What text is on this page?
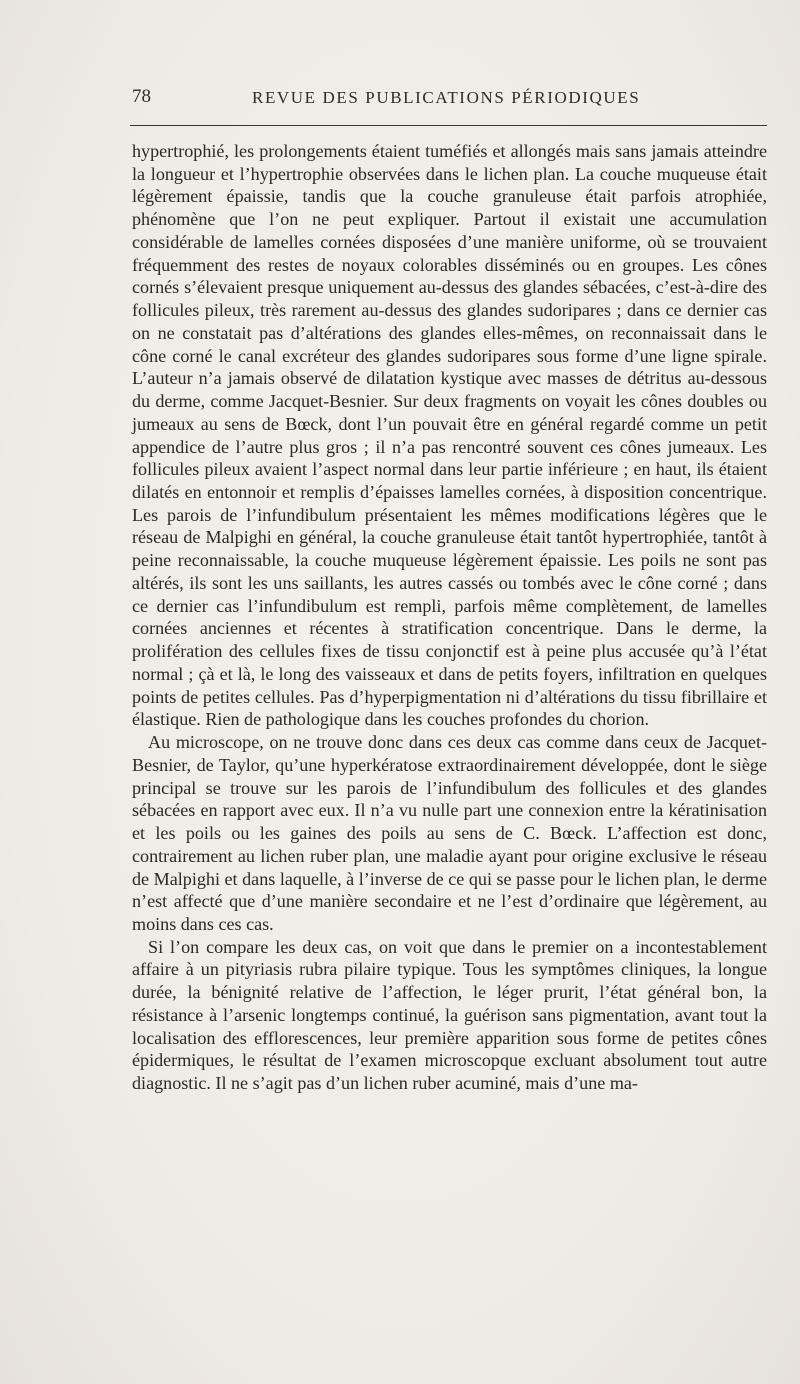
78	REVUE DES PUBLICATIONS PÉRIODIQUES

hypertrophié, les prolongements étaient tuméfiés et allongés mais sans jamais atteindre la longueur et l’hypertrophie observées dans le lichen plan. La couche muqueuse était légèrement épaissie, tandis que la couche granuleuse était parfois atrophiée, phénomène que l’on ne peut expliquer. Partout il existait une accumulation considérable de lamelles cornées disposées d’une manière uniforme, où se trouvaient fréquemment des restes de noyaux colorables disséminés ou en groupes. Les cônes cornés s’élevaient presque uniquement au-dessus des glandes sébacées, c’est-à-dire des follicules pileux, très rarement au-dessus des glandes sudoripares ; dans ce dernier cas on ne constatait pas d’altérations des glandes elles-mêmes, on reconnaissait dans le cône corné le canal excréteur des glandes sudoripares sous forme d’une ligne spirale. L’auteur n’a jamais observé de dilatation kystique avec masses de détritus au-dessous du derme, comme Jacquet-Besnier. Sur deux fragments on voyait les cônes doubles ou jumeaux au sens de Bœck, dont l’un pouvait être en général regardé comme un petit appendice de l’autre plus gros ; il n’a pas rencontré souvent ces cônes jumeaux. Les follicules pileux avaient l’aspect normal dans leur partie inférieure ; en haut, ils étaient dilatés en entonnoir et remplis d’épaisses lamelles cornées, à disposition concentrique. Les parois de l’infundibulum présentaient les mêmes modifications légères que le réseau de Malpighi en général, la couche granuleuse était tantôt hypertrophiée, tantôt à peine reconnaissable, la couche muqueuse légèrement épaissie. Les poils ne sont pas altérés, ils sont les uns saillants, les autres cassés ou tombés avec le cône corné ; dans ce dernier cas l’infundibulum est rempli, parfois même complètement, de lamelles cornées anciennes et récentes à stratification concentrique. Dans le derme, la prolifération des cellules fixes de tissu conjonctif est à peine plus accusée qu’à l’état normal ; çà et là, le long des vaisseaux et dans de petits foyers, infiltration en quelques points de petites cellules. Pas d’hyperpigmentation ni d’altérations du tissu fibrillaire et élastique. Rien de pathologique dans les couches profondes du chorion.

Au microscope, on ne trouve donc dans ces deux cas comme dans ceux de Jacquet-Besnier, de Taylor, qu’une hyperkératose extraordinairement développée, dont le siège principal se trouve sur les parois de l’infundibulum des follicules et des glandes sébacées en rapport avec eux. Il n’a vu nulle part une connexion entre la kératinisation et les poils ou les gaines des poils au sens de C. Bœck. L’affection est donc, contrairement au lichen ruber plan, une maladie ayant pour origine exclusive le réseau de Malpighi et dans laquelle, à l’inverse de ce qui se passe pour le lichen plan, le derme n’est affecté que d’une manière secondaire et ne l’est d’ordinaire que légèrement, au moins dans ces cas.

Si l’on compare les deux cas, on voit que dans le premier on a incontestablement affaire à un pityriasis rubra pilaire typique. Tous les symptômes cliniques, la longue durée, la bénignité relative de l’affection, le léger prurit, l’état général bon, la résistance à l’arsenic longtemps continué, la guérison sans pigmentation, avant tout la localisation des efflorescences, leur première apparition sous forme de petites cônes épidermiques, le résultat de l’examen microscopque excluant absolument tout autre diagnostic. Il ne s’agit pas d’un lichen ruber acuminé, mais d’une ma-
